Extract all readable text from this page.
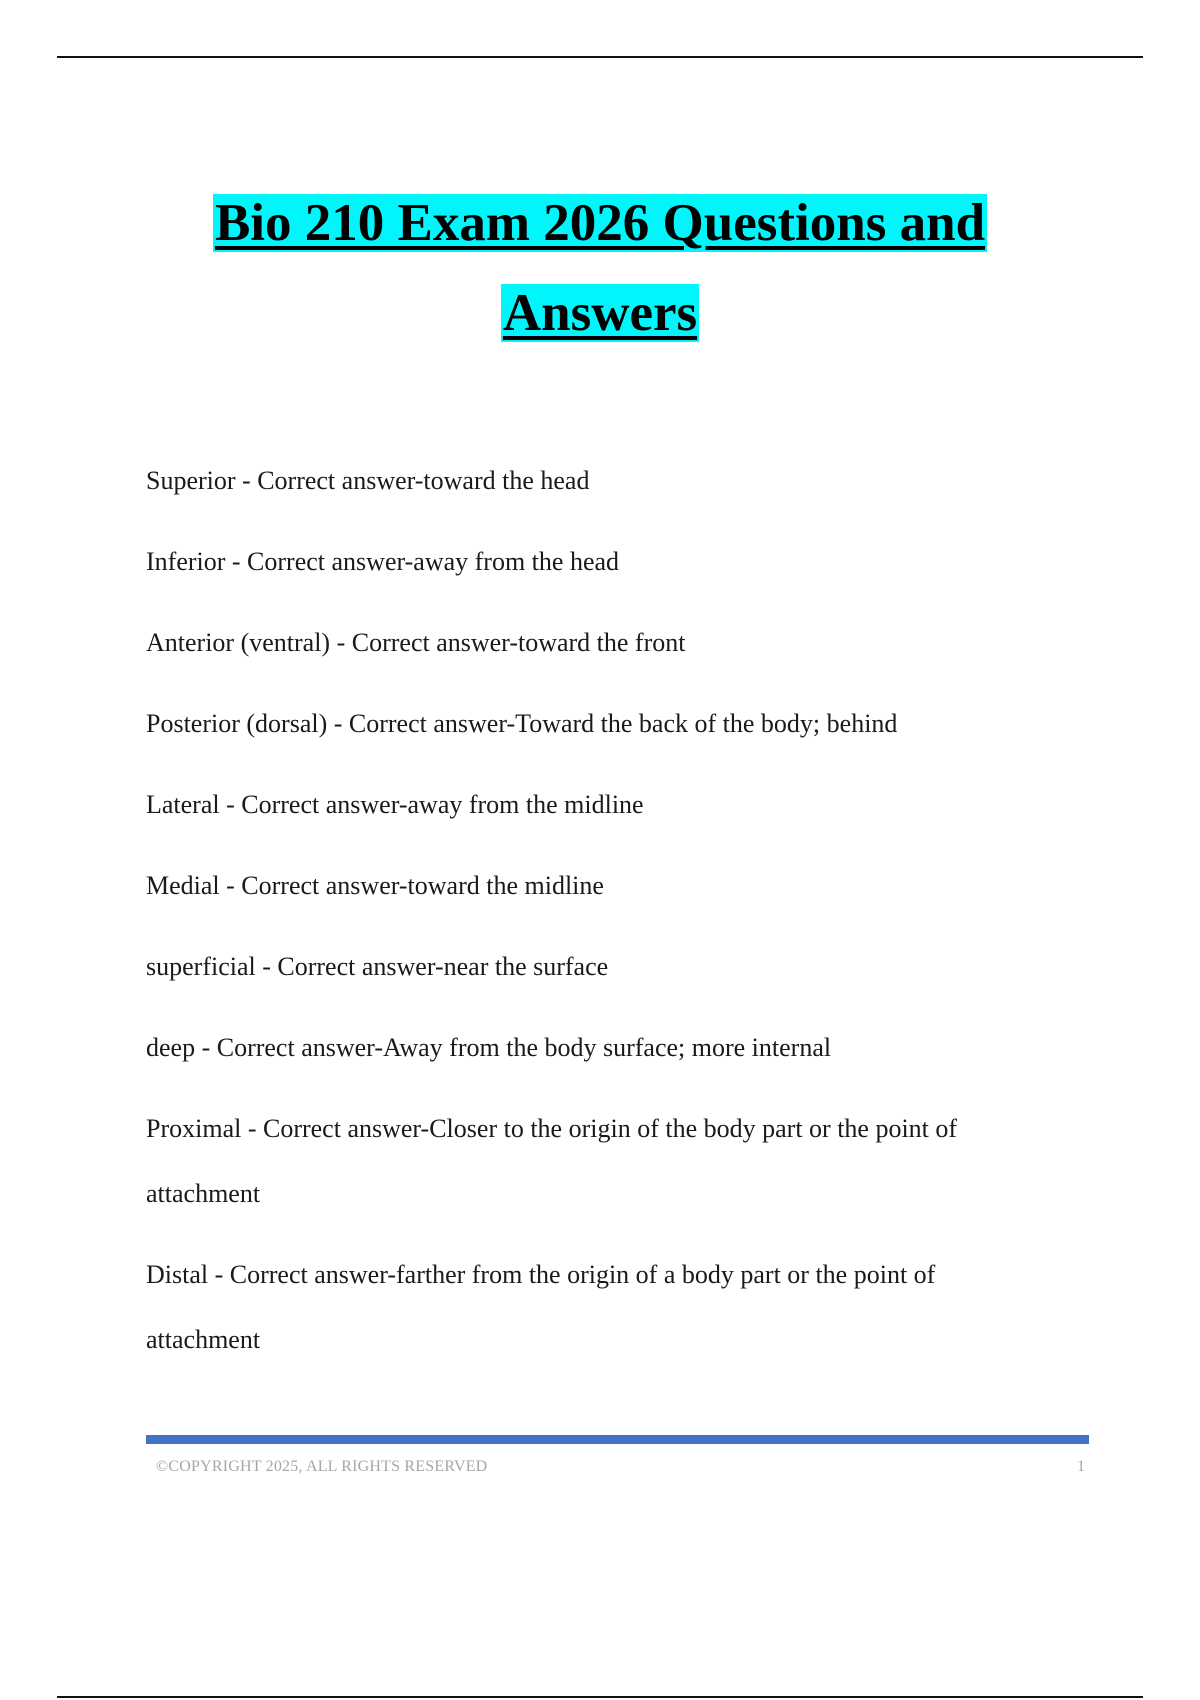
Bio 210 Exam 2026 Questions and
Answers
Superior - Correct answer-toward the head
Inferior - Correct answer-away from the head
Anterior (ventral) - Correct answer-toward the front
Posterior (dorsal) - Correct answer-Toward the back of the body; behind
Lateral - Correct answer-away from the midline
Medial - Correct answer-toward the midline
superficial - Correct answer-near the surface
deep - Correct answer-Away from the body surface; more internal
Proximal - Correct answer-Closer to the origin of the body part or the point of attachment
Distal - Correct answer-farther from the origin of a body part or the point of attachment
©COPYRIGHT 2025, ALL RIGHTS RESERVED	1
